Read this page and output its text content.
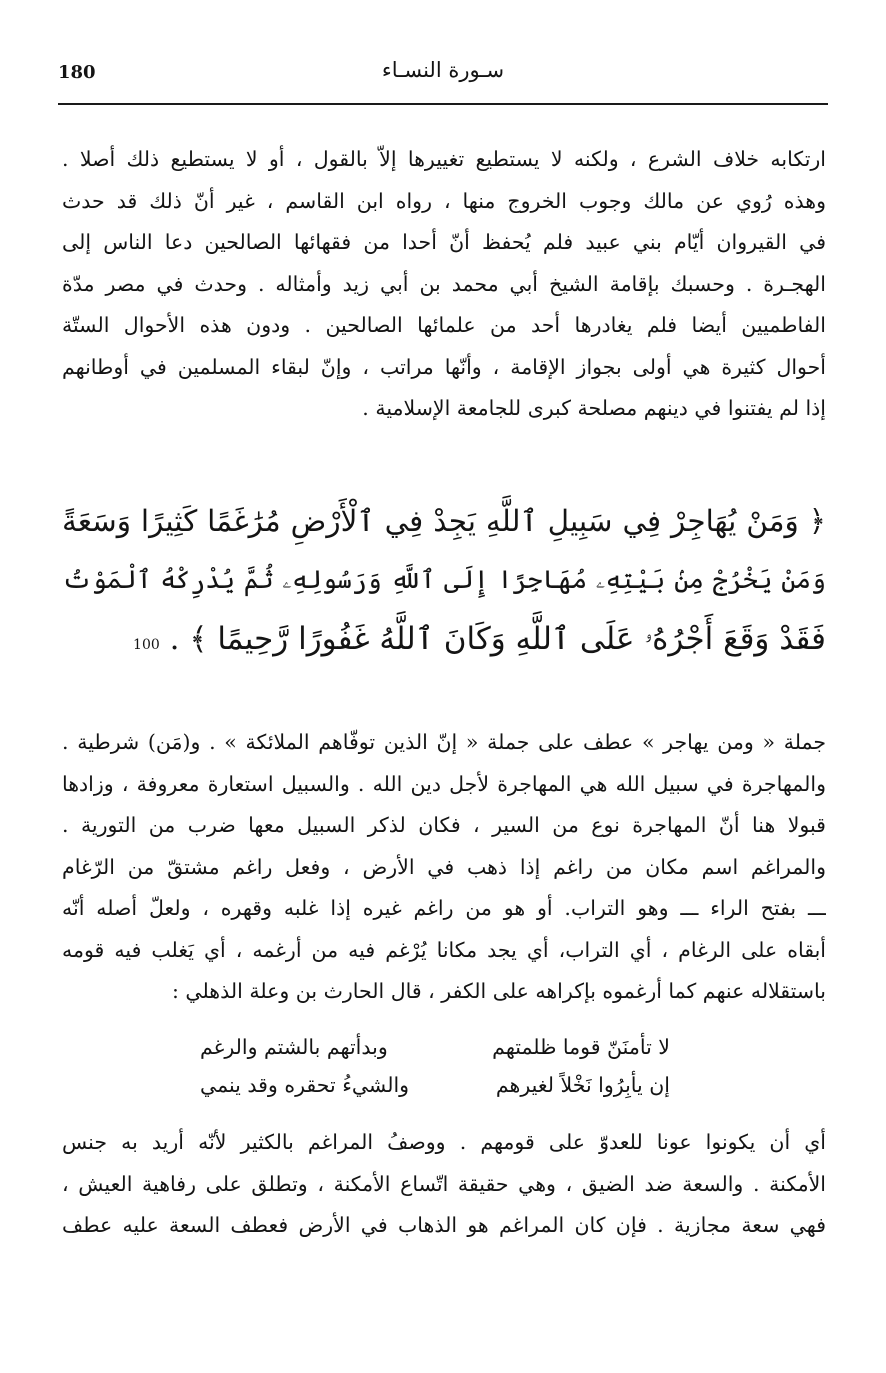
180	سـورة النسـاء
ارتكابه خلاف الشرع ، ولكنه لا يستطيع تغييرها إلاّ بالقول ، أو لا يستطيع ذلك أصلا .
وهذه رُوي عن مالك وجوب الخروج منها ، رواه ابن القاسم ، غير أنّ ذلك قد حدث
في القيروان أيّام بني عبيد فلم يُحفظ أنّ أحدا من فقهائها الصالحين دعا الناس إلى
الهجـرة . وحسبك بإقامة الشيخ أبي محمد بن أبي زيد وأمثاله . وحدث في مصر مدّة
الفاطميين أيضا فلم يغادرها أحد من علمائها الصالحين . ودون هذه الأحوال الستّة
أحوال كثيرة هي أولى بجواز الإقامة ، وأنّها مراتب ، وإنّ لبقاء المسلمين في أوطانهم
إذا لم يفتنوا في دينهم مصلحة كبرى للجامعة الإسلامية .
﴿ وَمَنْ يُهَاجِرْ فِي سَبِيلِ ٱللَّهِ يَجِدْ فِي ٱلْأَرْضِ مُرَٰغَمًا كَثِيرًا وَسَعَةً
وَمَنْ يَخْرُجْ مِنۢ بَيْتِهِۦ مُهَاجِرًا إِلَى ٱللَّهِ وَرَسُولِهِۦ ثُمَّ يُدْرِكْهُ ٱلْمَوْتُ
فَقَدْ وَقَعَ أَجْرُهُۥ عَلَى ٱللَّهِ وَكَانَ ٱللَّهُ غَفُورًا رَّحِيمًا ﴾ . 100
جملة « ومن يهاجر » عطف على جملة « إنّ الذين توفّاهم الملائكة » . و(مَن) شرطية .
والمهاجرة في سبيل الله هي المهاجرة لأجل دين الله . والسبيل استعارة معروفة ، وزادها
قبولا هنا أنّ المهاجرة نوع من السير ، فكان لذكر السبيل معها ضرب من التورية .
والمراغم اسم مكان من راغم إذا ذهب في الأرض ، وفعل راغم مشتقّ من الرّغام
ـــ بفتح الراء ـــ وهو التراب. أو هو من راغم غيره إذا غلبه وقهره ، ولعلّ أصله أنّه
أبقاه على الرغام ، أي التراب، أي يجد مكانا يُرْغم فيه من أرغمه ، أي يَغلب فيه قومه
باستقلاله عنهم كما أرغموه بإكراهه على الكفر ، قال الحارث بن وعلة الذهلي :
لا تأمنَنّ قوما ظلمتهم
وبدأتهم بالشتم والرغم
إن يأبِرُوا نَخْلاً لغيرهم
والشيءُ تحقره وقد ينمي
أي أن يكونوا عونا للعدوّ على قومهم . ووصفُ المراغم بالكثير لأنّه أريد به جنس
الأمكنة . والسعة ضد الضيق ، وهي حقيقة اتّساع الأمكنة ، وتطلق على رفاهية العيش ،
فهي سعة مجازية . فإن كان المراغم هو الذهاب في الأرض فعطف السعة عليه عطف
